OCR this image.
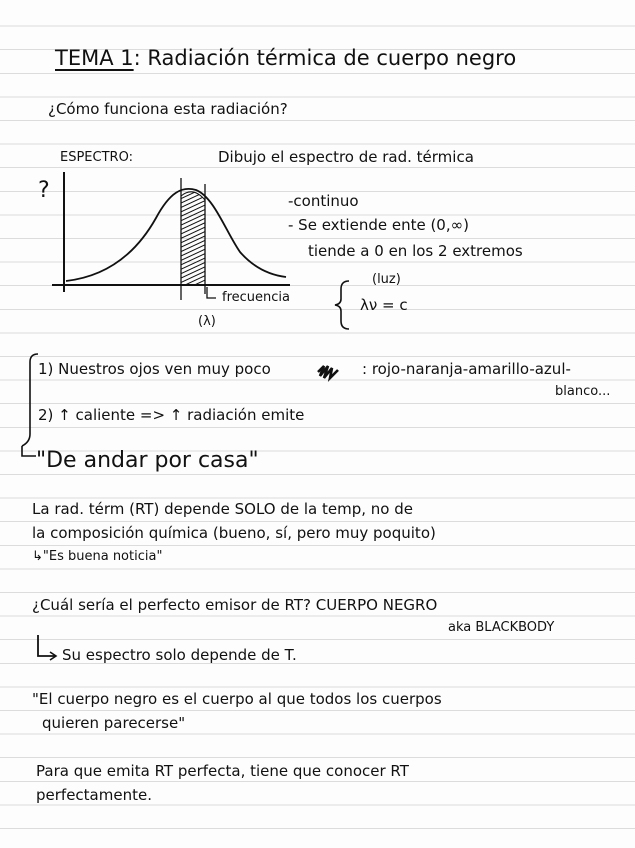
TEMA 1: Radiación térmica de cuerpo negro
¿Cómo funciona esta radiación?
ESPECTRO:	Dibujo el espectro de rad. térmica
?
frecuencia
(λ)
-continuo
- Se extiende ente (0,∞)
tiende a 0 en los 2 extremos
(luz)
λν = c
1) Nuestros ojos ven muy poco	: rojo-naranja-amarillo-azul-
blanco...
2) ↑ caliente => ↑ radiación emite
"De andar por casa"
La rad. térm (RT) depende SOLO de la temp, no de
la composición química (bueno, sí, pero muy poquito)
↳"Es buena noticia"
¿Cuál sería el perfecto emisor de RT? CUERPO NEGRO
aka BLACKBODY
Su espectro solo depende de T.
"El cuerpo negro es el cuerpo al que todos los cuerpos
quieren parecerse"
Para que emita RT perfecta, tiene que conocer RT
perfectamente.
